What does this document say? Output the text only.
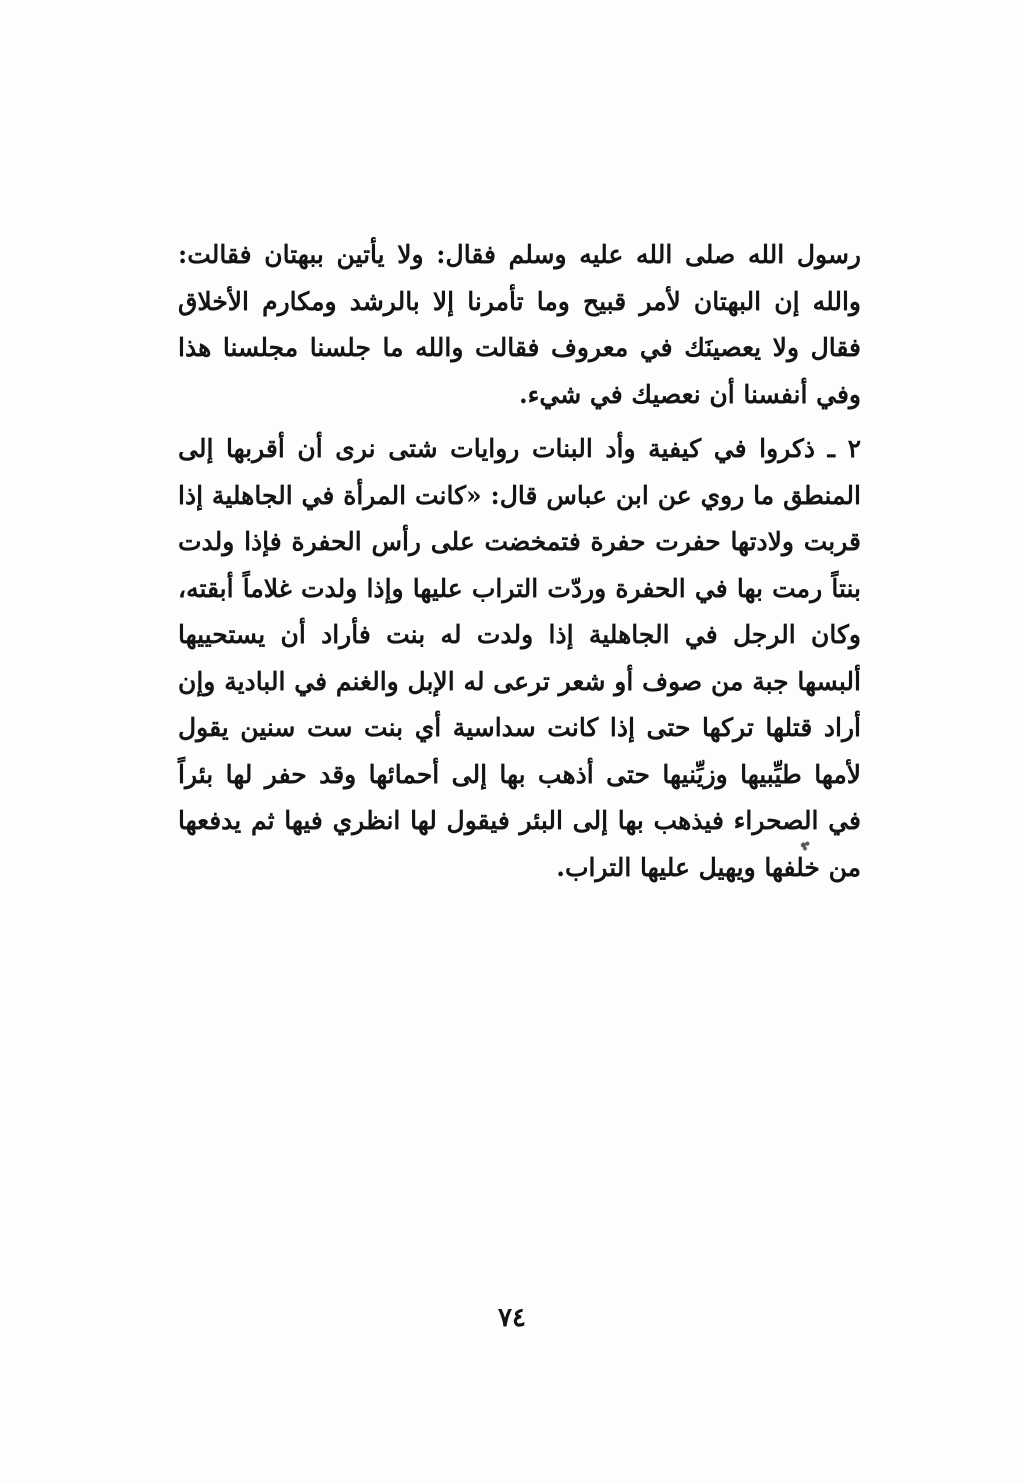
رسول الله صلى الله عليه وسلم فقال: ولا يأتين ببهتان فقالت: والله إن البهتان لأمر قبيح وما تأمرنا إلا بالرشد ومكارم الأخلاق فقال ولا يعصينَك في معروف فقالت والله ما جلسنا مجلسنا هذا وفي أنفسنا أن نعصيك في شيء.

٢ ـ ذكروا في كيفية وأد البنات روايات شتى نرى أن أقربها إلى المنطق ما روي عن ابن عباس قال: «كانت المرأة في الجاهلية إذا قربت ولادتها حفرت حفرة فتمخضت على رأس الحفرة فإذا ولدت بنتاً رمت بها في الحفرة وردّت التراب عليها وإذا ولدت غلاماً أبقته، وكان الرجل في الجاهلية إذا ولدت له بنت فأراد أن يستحييها ألبسها جبة من صوف أو شعر ترعى له الإبل والغنم في البادية وإن أراد قتلها تركها حتى إذا كانت سداسية أي بنت ست سنين يقول لأمها طيِّبيها وزيِّنيها حتى أذهب بها إلى أحمائها وقد حفر لها بئراً في الصحراء فيذهب بها إلى البئر فيقول لها انظري فيها ثم يدفعها من خلفها ويهيل عليها التراب.

٧٤
